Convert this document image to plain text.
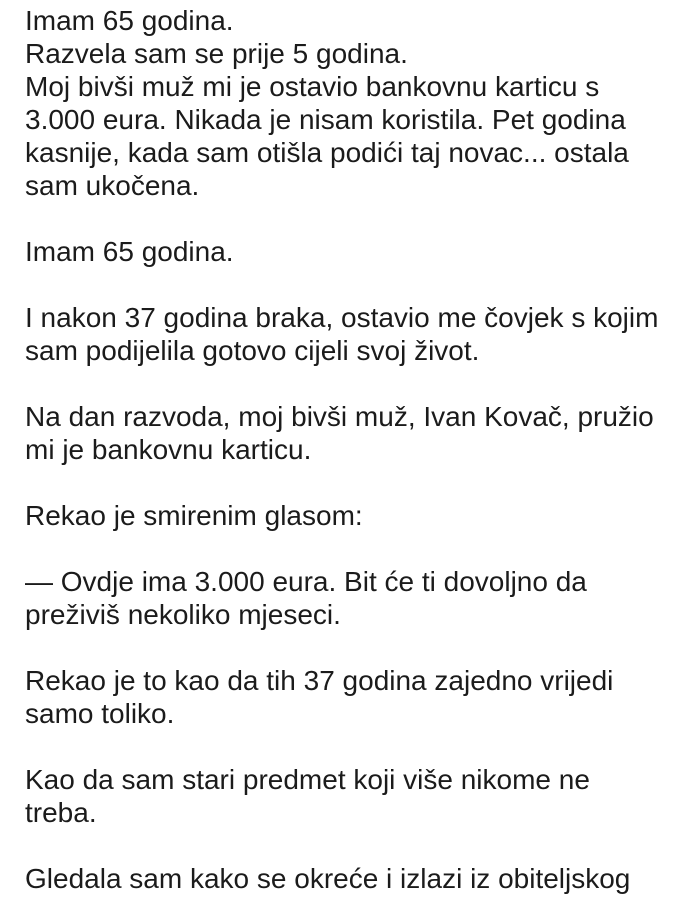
Imam 65 godina.
Razvela sam se prije 5 godina.
Moj bivši muž mi je ostavio bankovnu karticu s
3.000 eura. Nikada je nisam koristila. Pet godina
kasnije, kada sam otišla podići taj novac... ostala
sam ukočena.
Imam 65 godina.
I nakon 37 godina braka, ostavio me čovjek s kojim
sam podijelila gotovo cijeli svoj život.
Na dan razvoda, moj bivši muž, Ivan Kovač, pružio
mi je bankovnu karticu.
Rekao je smirenim glasom:
— Ovdje ima 3.000 eura. Bit će ti dovoljno da
preživiš nekoliko mjeseci.
Rekao je to kao da tih 37 godina zajedno vrijedi
samo toliko.
Kao da sam stari predmet koji više nikome ne
treba.
Gledala sam kako se okreće i izlazi iz obiteljskog
